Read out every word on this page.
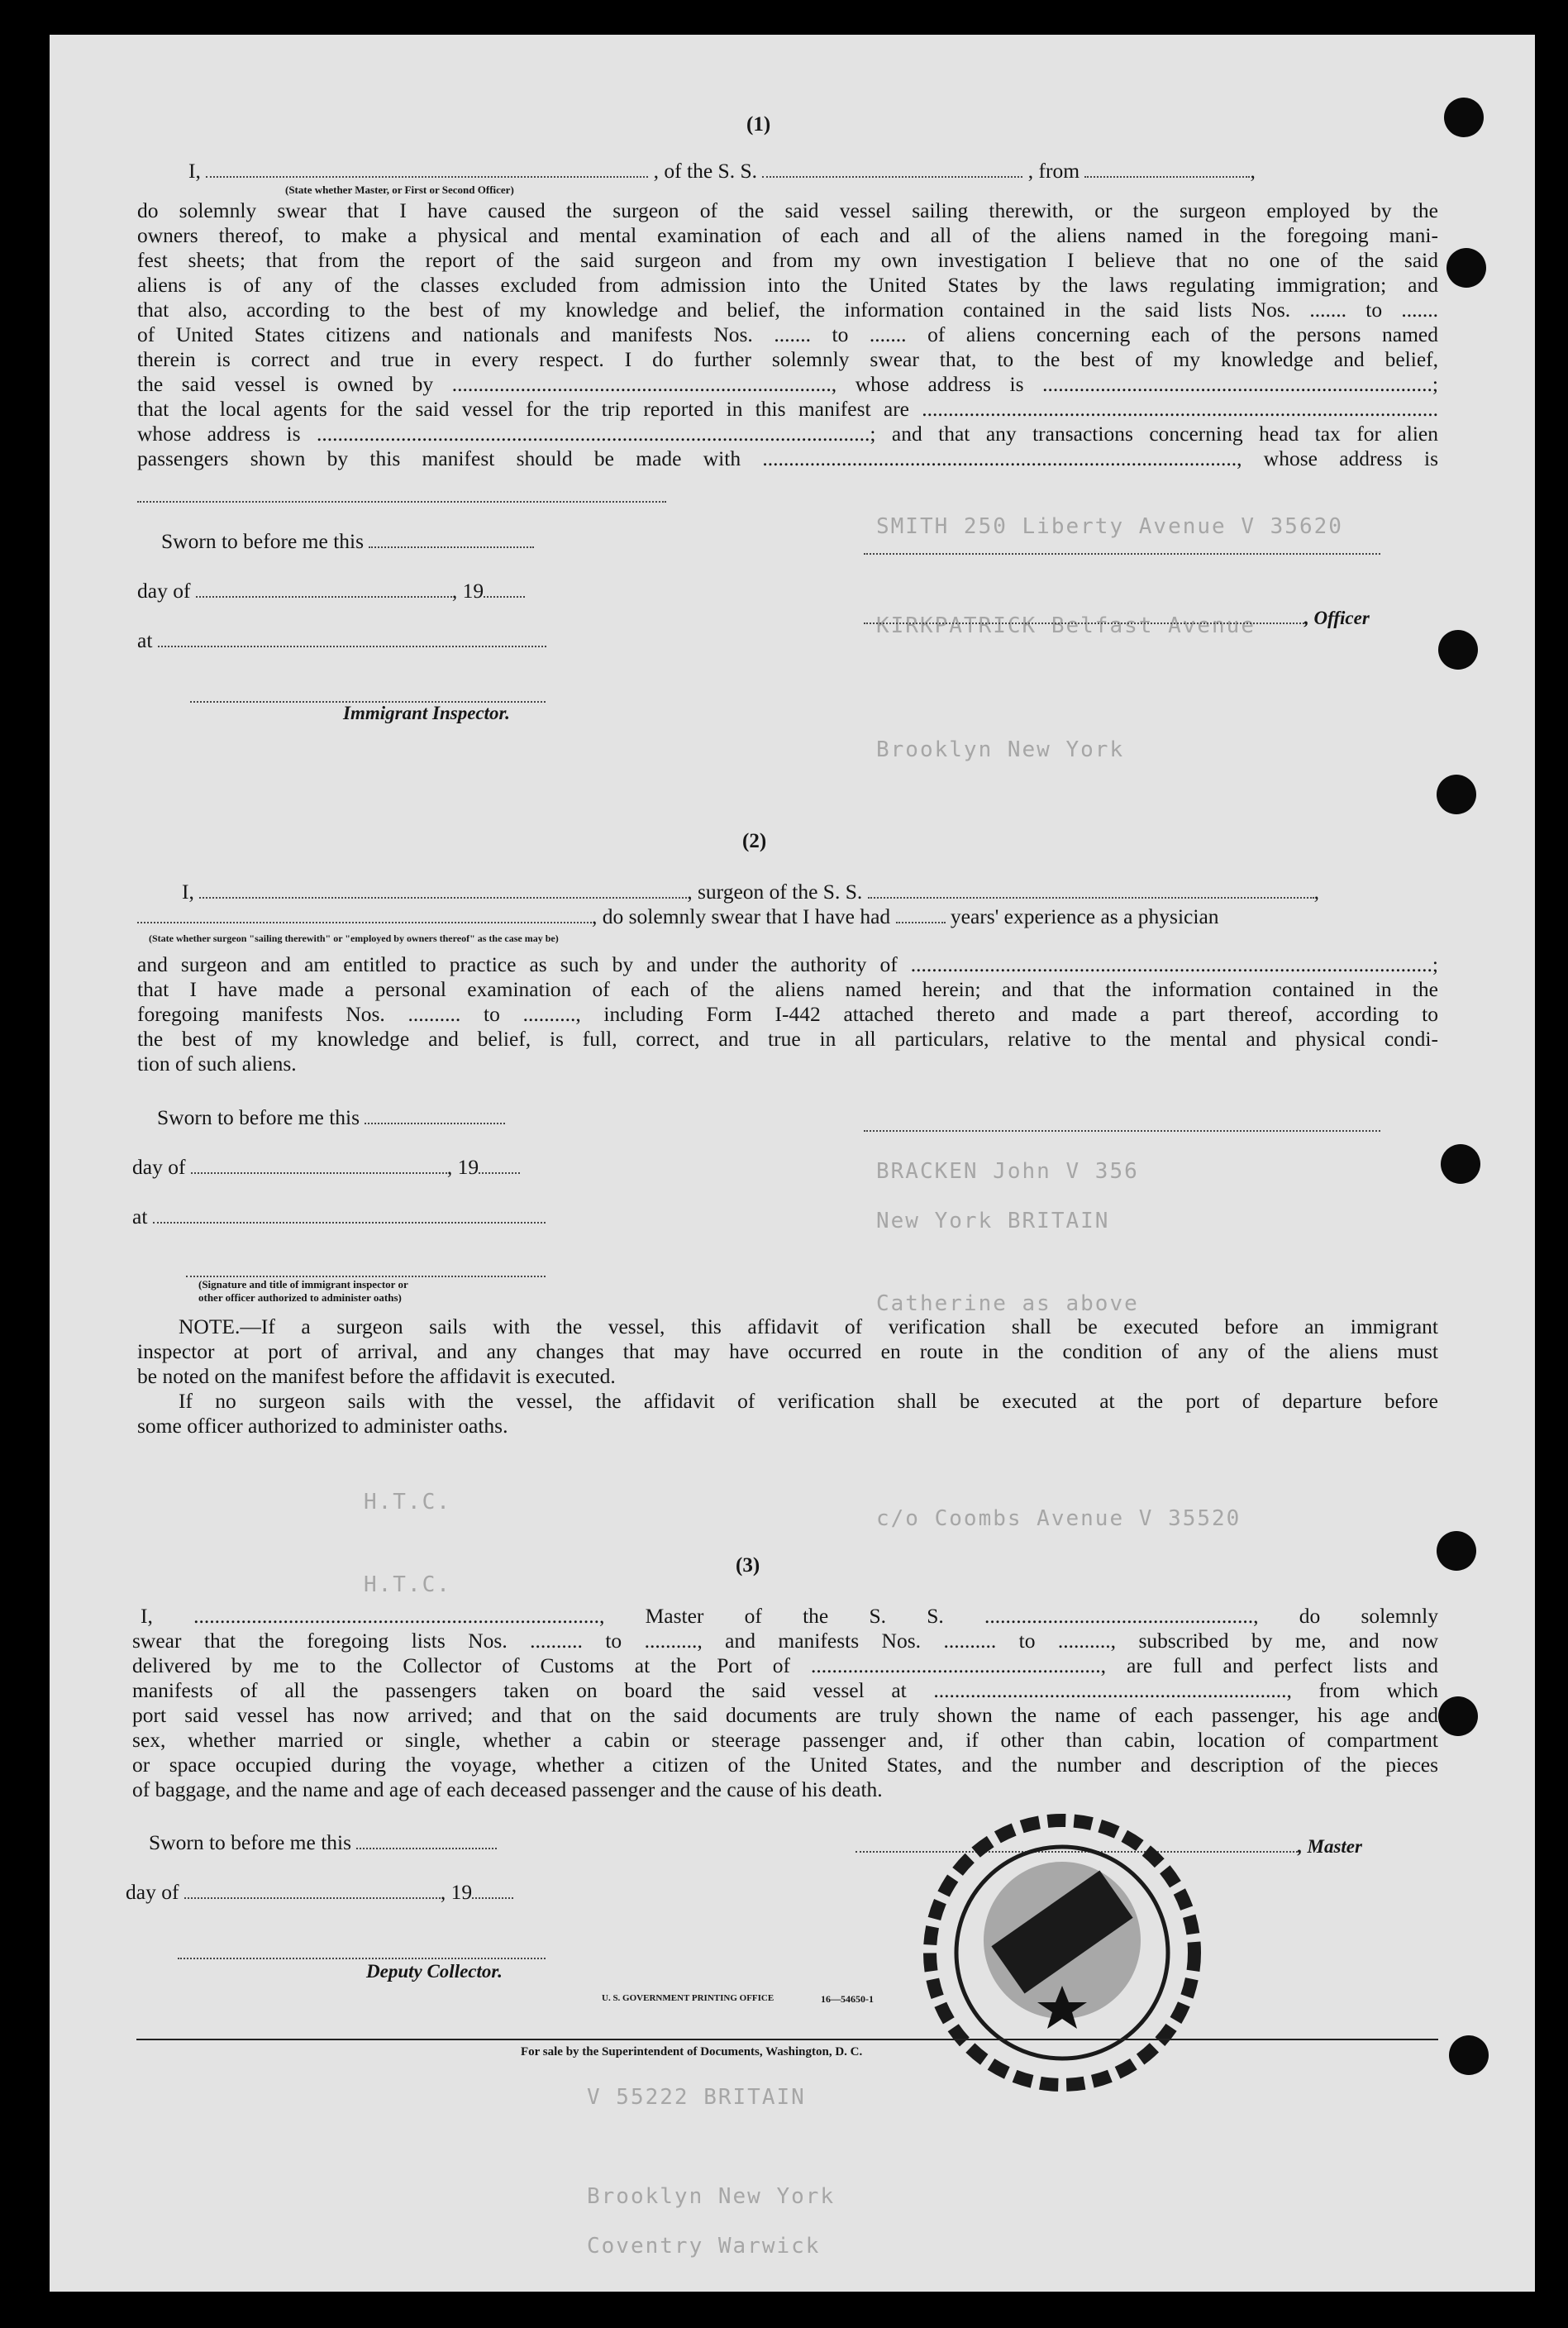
SMITH 250 Liberty Avenue V 35620
KIRKPATRICK Belfast Avenue
Brooklyn New York
BRACKEN John V 356
New York BRITAIN
Catherine as above
c/o Coombs Avenue V 35520
H.T.C.
H.T.C.
V 55222 BRITAIN
Brooklyn New York
Coventry Warwick
(1)
I,	, of the S. S.	, from	,
(State whether Master, or First or Second Officer)
do solemnly swear that I have caused the surgeon of the said vessel sailing therewith, or the surgeon employed by the
owners thereof, to make a physical and mental examination of each and all of the aliens named in the foregoing mani-
fest sheets; that from the report of the said surgeon and from my own investigation I believe that no one of the said
aliens is of any of the classes excluded from admission into the United States by the laws regulating immigration; and
that also, according to the best of my knowledge and belief, the information contained in the said lists Nos. ....... to .......
of United States citizens and nationals and manifests Nos. ....... to ....... of aliens concerning each of the persons named
therein is correct and true in every respect. I do further solemnly swear that, to the best of my knowledge and belief,
the said vessel is owned by ........................................................................, whose address is ..........................................................................;
that the local agents for the said vessel for the trip reported in this manifest are ..................................................................................................
whose address is .........................................................................................................; and that any transactions concerning head tax for alien
passengers shown by this manifest should be made with .........................................................................................., whose address is
Sworn to before me this
day of	, 19
at
Immigrant Inspector.
, Officer
(2)
I,	, surgeon of the S. S.	,
, do solemnly swear that I have had	years' experience as a physician
(State whether surgeon "sailing therewith" or "employed by owners thereof" as the case may be)
and surgeon and am entitled to practice as such by and under the authority of ...................................................................................................;
that I have made a personal examination of each of the aliens named herein; and that the information contained in the
foregoing manifests Nos. .......... to .........., including Form I-442 attached thereto and made a part thereof, according to
the best of my knowledge and belief, is full, correct, and true in all particulars, relative to the mental and physical condi-
tion of such aliens.
Sworn to before me this
day of	, 19
at
(Signature and title of immigrant inspector or
other officer authorized to administer oaths)
NOTE.—If a surgeon sails with the vessel, this affidavit of verification shall be executed before an immigrant
inspector at port of arrival, and any changes that may have occurred en route in the condition of any of the aliens must
be noted on the manifest before the affidavit is executed.
If no surgeon sails with the vessel, the affidavit of verification shall be executed at the port of departure before
some officer authorized to administer oaths.
(3)
I, ............................................................................., Master of the S. S. ..................................................., do solemnly
swear that the foregoing lists Nos. .......... to .........., and manifests Nos. .......... to .........., subscribed by me, and now
delivered by me to the Collector of Customs at the Port of ......................................................., are full and perfect lists and
manifests of all the passengers taken on board the said vessel at ..................................................................., from which
port said vessel has now arrived; and that on the said documents are truly shown the name of each passenger, his age and
sex, whether married or single, whether a cabin or steerage passenger and, if other than cabin, location of compartment
or space occupied during the voyage, whether a citizen of the United States, and the number and description of the pieces
of baggage, and the name and age of each deceased passenger and the cause of his death.
Sworn to before me this
day of	, 19
Deputy Collector.
, Master
U. S. GOVERNMENT PRINTING OFFICE	16—54650-1
For sale by the Superintendent of Documents, Washington, D. C.
